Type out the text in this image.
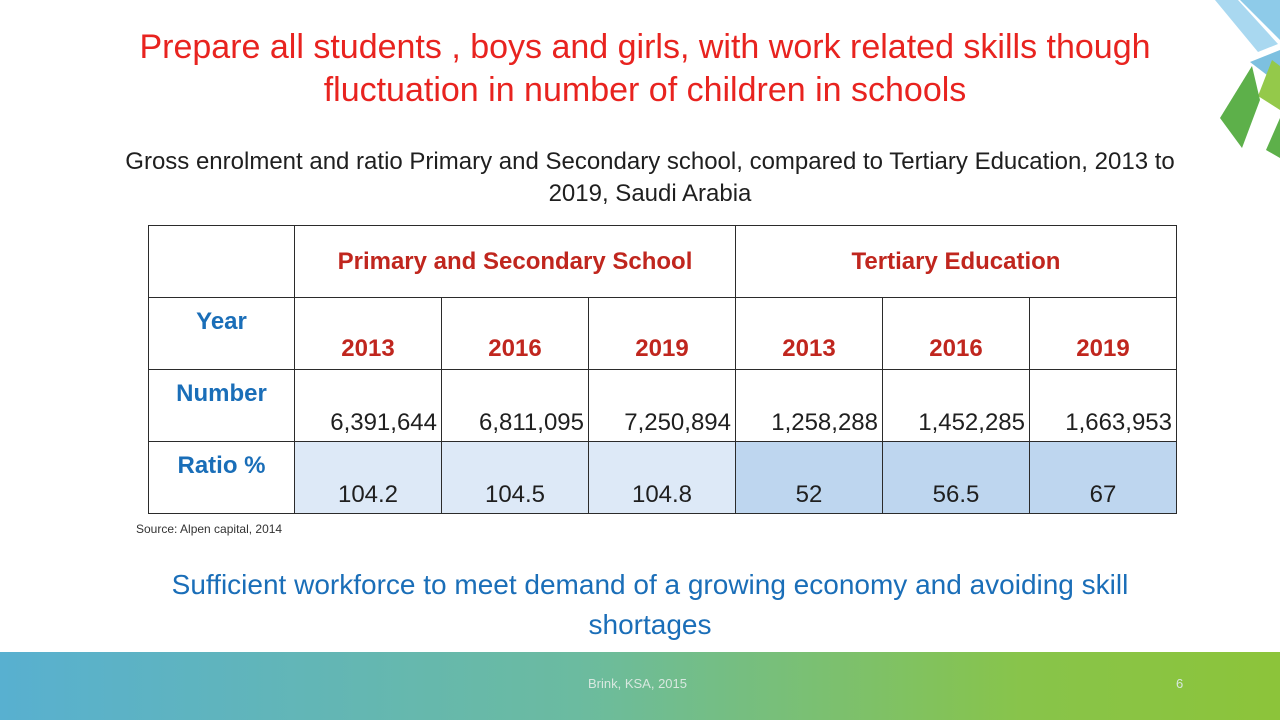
Prepare all students , boys and girls, with work related skills though fluctuation in number of children in schools
Gross enrolment and ratio Primary and Secondary school, compared to Tertiary Education, 2013 to 2019, Saudi Arabia
	Primary and Secondary School			Tertiary Education		
Year	2013	2016	2019	2013	2016	2019
Number	6,391,644	6,811,095	7,250,894	1,258,288	1,452,285	1,663,953
Ratio %	104.2	104.5	104.8	52	56.5	67
Source: Alpen capital, 2014
Sufficient workforce to meet demand of a growing economy and avoiding skill shortages
Brink, KSA, 2015	6
